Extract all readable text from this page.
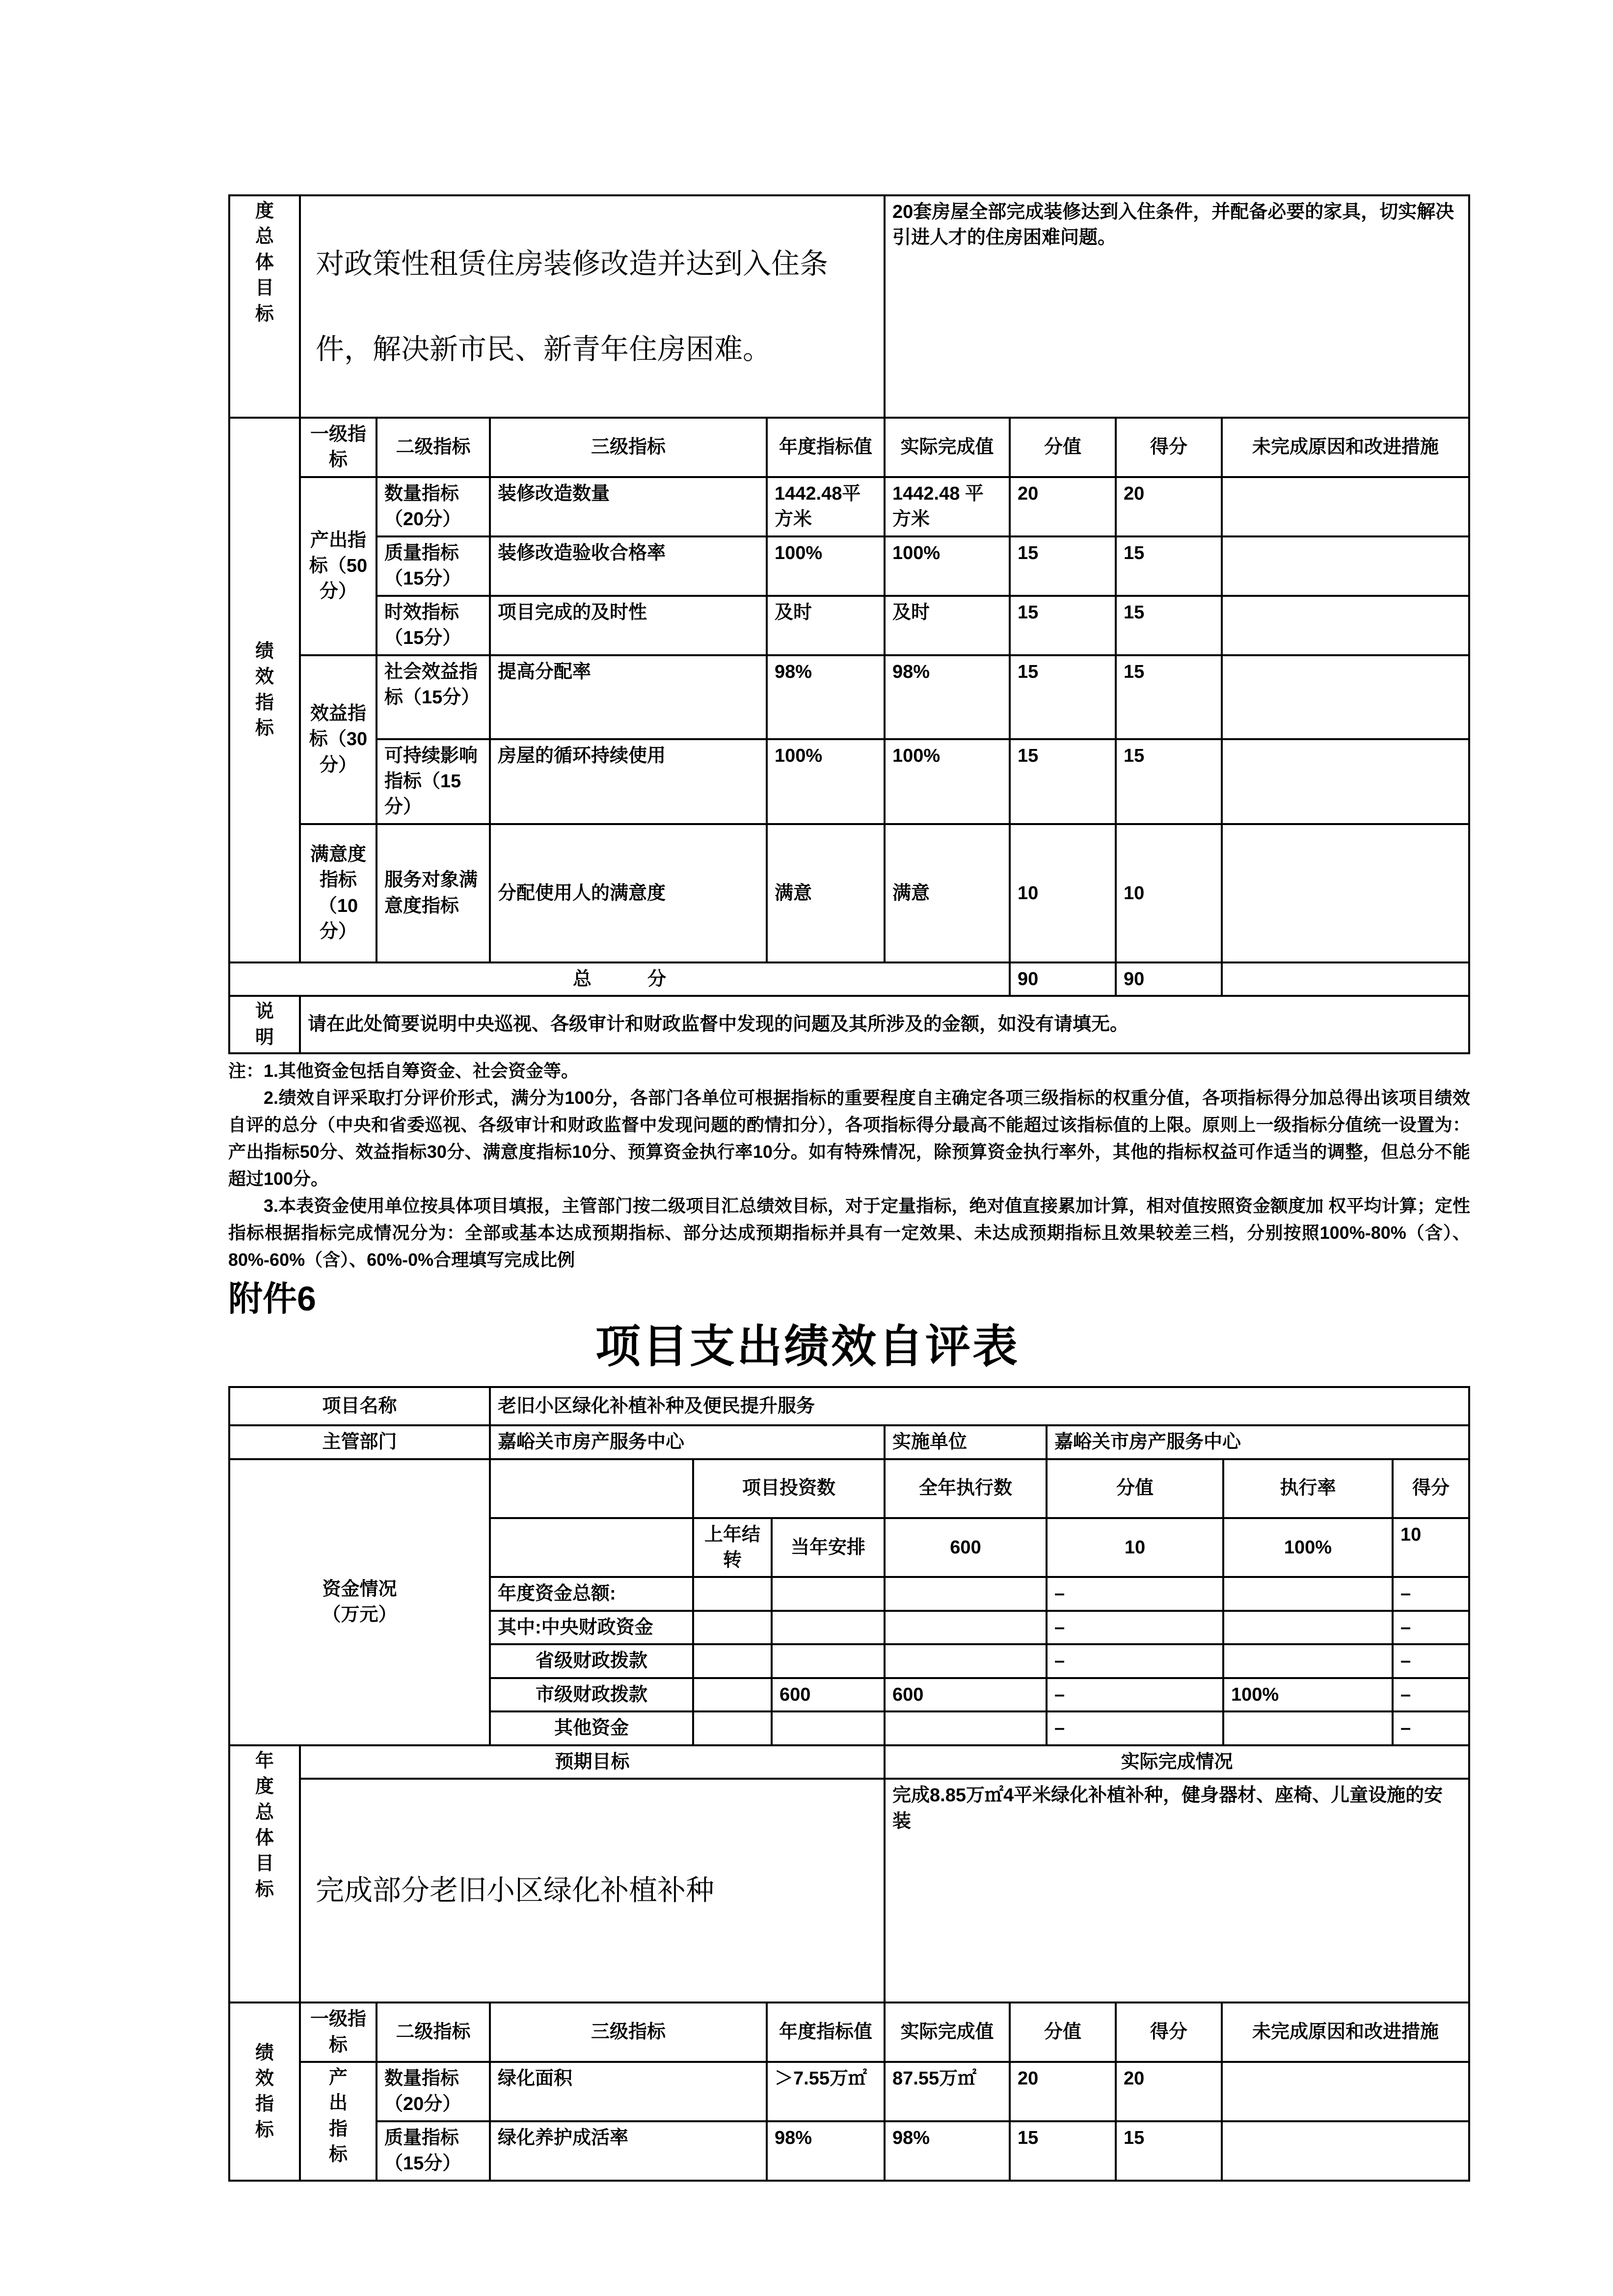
度总体目标	对政策性租赁住房装修改造并达到入住条件，解决新市民、新青年住房困难。				20套房屋全部完成装修达到入住条件，并配备必要的家具，切实解决引进人才的住房困难问题。			
绩效指标	一级指标	二级指标	三级指标	年度指标值	实际完成值	分值	得分	未完成原因和改进措施
	产出指标（50分）	数量指标（20分）	装修改造数量	1442.48平方米	1442.48 平方米	20	20	
		质量指标（15分）	装修改造验收合格率	100%	100%	15	15	
		时效指标（15分）	项目完成的及时性	及时	及时	15	15	
	效益指标（30分）	社会效益指标（15分）	提高分配率	98%	98%	15	15	
		可持续影响指标（15分）	房屋的循环持续使用	100%	100%	15	15	
	满意度指标（10分）	服务对象满意度指标	分配使用人的满意度	满意	满意	10	10	
总　　　分						90	90	
说明	请在此处简要说明中央巡视、各级审计和财政监督中发现的问题及其所涉及的金额，如没有请填无。							

注：1.其他资金包括自筹资金、社会资金等。

2.绩效自评采取打分评价形式，满分为100分，各部门各单位可根据指标的重要程度自主确定各项三级指标的权重分值，各项指标得分加总得出该项目绩效自评的总分（中央和省委巡视、各级审计和财政监督中发现问题的酌情扣分），各项指标得分最高不能超过该指标值的上限。原则上一级指标分值统一设置为：产出指标50分、效益指标30分、满意度指标10分、预算资金执行率10分。如有特殊情况，除预算资金执行率外，其他的指标权益可作适当的调整，但总分不能超过100分。

3.本表资金使用单位按具体项目填报，主管部门按二级项目汇总绩效目标，对于定量指标，绝对值直接累加计算，相对值按照资金额度加 权平均计算；定性指标根据指标完成情况分为：全部或基本达成预期指标、部分达成预期指标并具有一定效果、未达成预期指标且效果较差三档，分别按照100%-80%（含）、80%-60%（含）、60%-0%合理填写完成比例

附件6
项目支出绩效自评表
项目名称	老旧小区绿化补植补种及便民提升服务						
主管部门	嘉峪关市房产服务中心			实施单位	嘉峪关市房产服务中心		
资金情况（万元）		项目投资数		全年执行数	分值	执行率	得分
		上年结转	当年安排	600	10	100%	10
	年度资金总额:				–		–
	其中:中央财政资金				–		–
	省级财政拨款				–		–
	市级财政拨款		600	600	–	100%	–
	其他资金				–		–
年度总体目标	预期目标				实际完成情况			
	完成部分老旧小区绿化补植补种				完成8.85万㎡4平米绿化补植补种，健身器材、座椅、儿童设施的安装			
绩效指标	一级指标	二级指标	三级指标	年度指标值	实际完成值	分值	得分	未完成原因和改进措施
	产出指标	数量指标（20分）	绿化面积	＞7.55万㎡	87.55万㎡	20	20	
		质量指标（15分）	绿化养护成活率	98%	98%	15	15	
